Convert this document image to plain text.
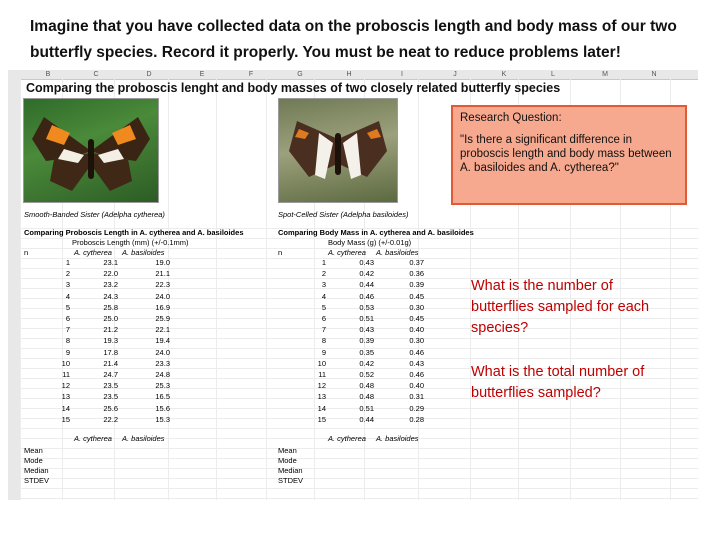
Imagine that you have collected data on the proboscis length and body mass of our two butterfly species. Record it properly. You must be neat to reduce problems later!
B	C	D	E	F	G	H	I	J	K	L	M	N
Comparing the proboscis lenght and body masses of two closely related butterfly species
Smooth-Banded Sister (Adelpha cytherea)	Spot-Celled Sister (Adelpha basiloides)
Research Question:
"Is there a significant difference in proboscis length and body mass between A. basiloides and A. cytherea?"
Comparing Proboscis Length in A. cytherea and A. basiloides
Proboscis Length (mm) (+/-0.1mm)
n	A. cytherea A. basiloides
1	23.1	19.0
2	22.0	21.1
3	23.2	22.3
4	24.3	24.0
5	25.8	16.9
6	25.0	25.9
7	21.2	22.1
8	19.3	19.4
9	17.8	24.0
10	21.4	23.3
11	24.7	24.8
12	23.5	25.3
13	23.5	16.5
14	25.6	15.6
15	22.2	15.3
A. cytherea A. basiloides
Comparing Body Mass in A. cytherea and A. basiloides
Body Mass (g) (+/-0.01g)
n	A. cytherea A. basiloides
1	0.43	0.37
2	0.42	0.36
3	0.44	0.39
4	0.46	0.45
5	0.53	0.30
6	0.51	0.45
7	0.43	0.40
8	0.39	0.30
9	0.35	0.46
10	0.42	0.43
11	0.52	0.46
12	0.48	0.40
13	0.48	0.31
14	0.51	0.29
15	0.44	0.28
A. cytherea A. basiloides
Mean
Mode
Median
STDEV
Mean
Mode
Median
STDEV
What is the number of butterflies sampled for each species?
What is the total number of butterflies sampled?
